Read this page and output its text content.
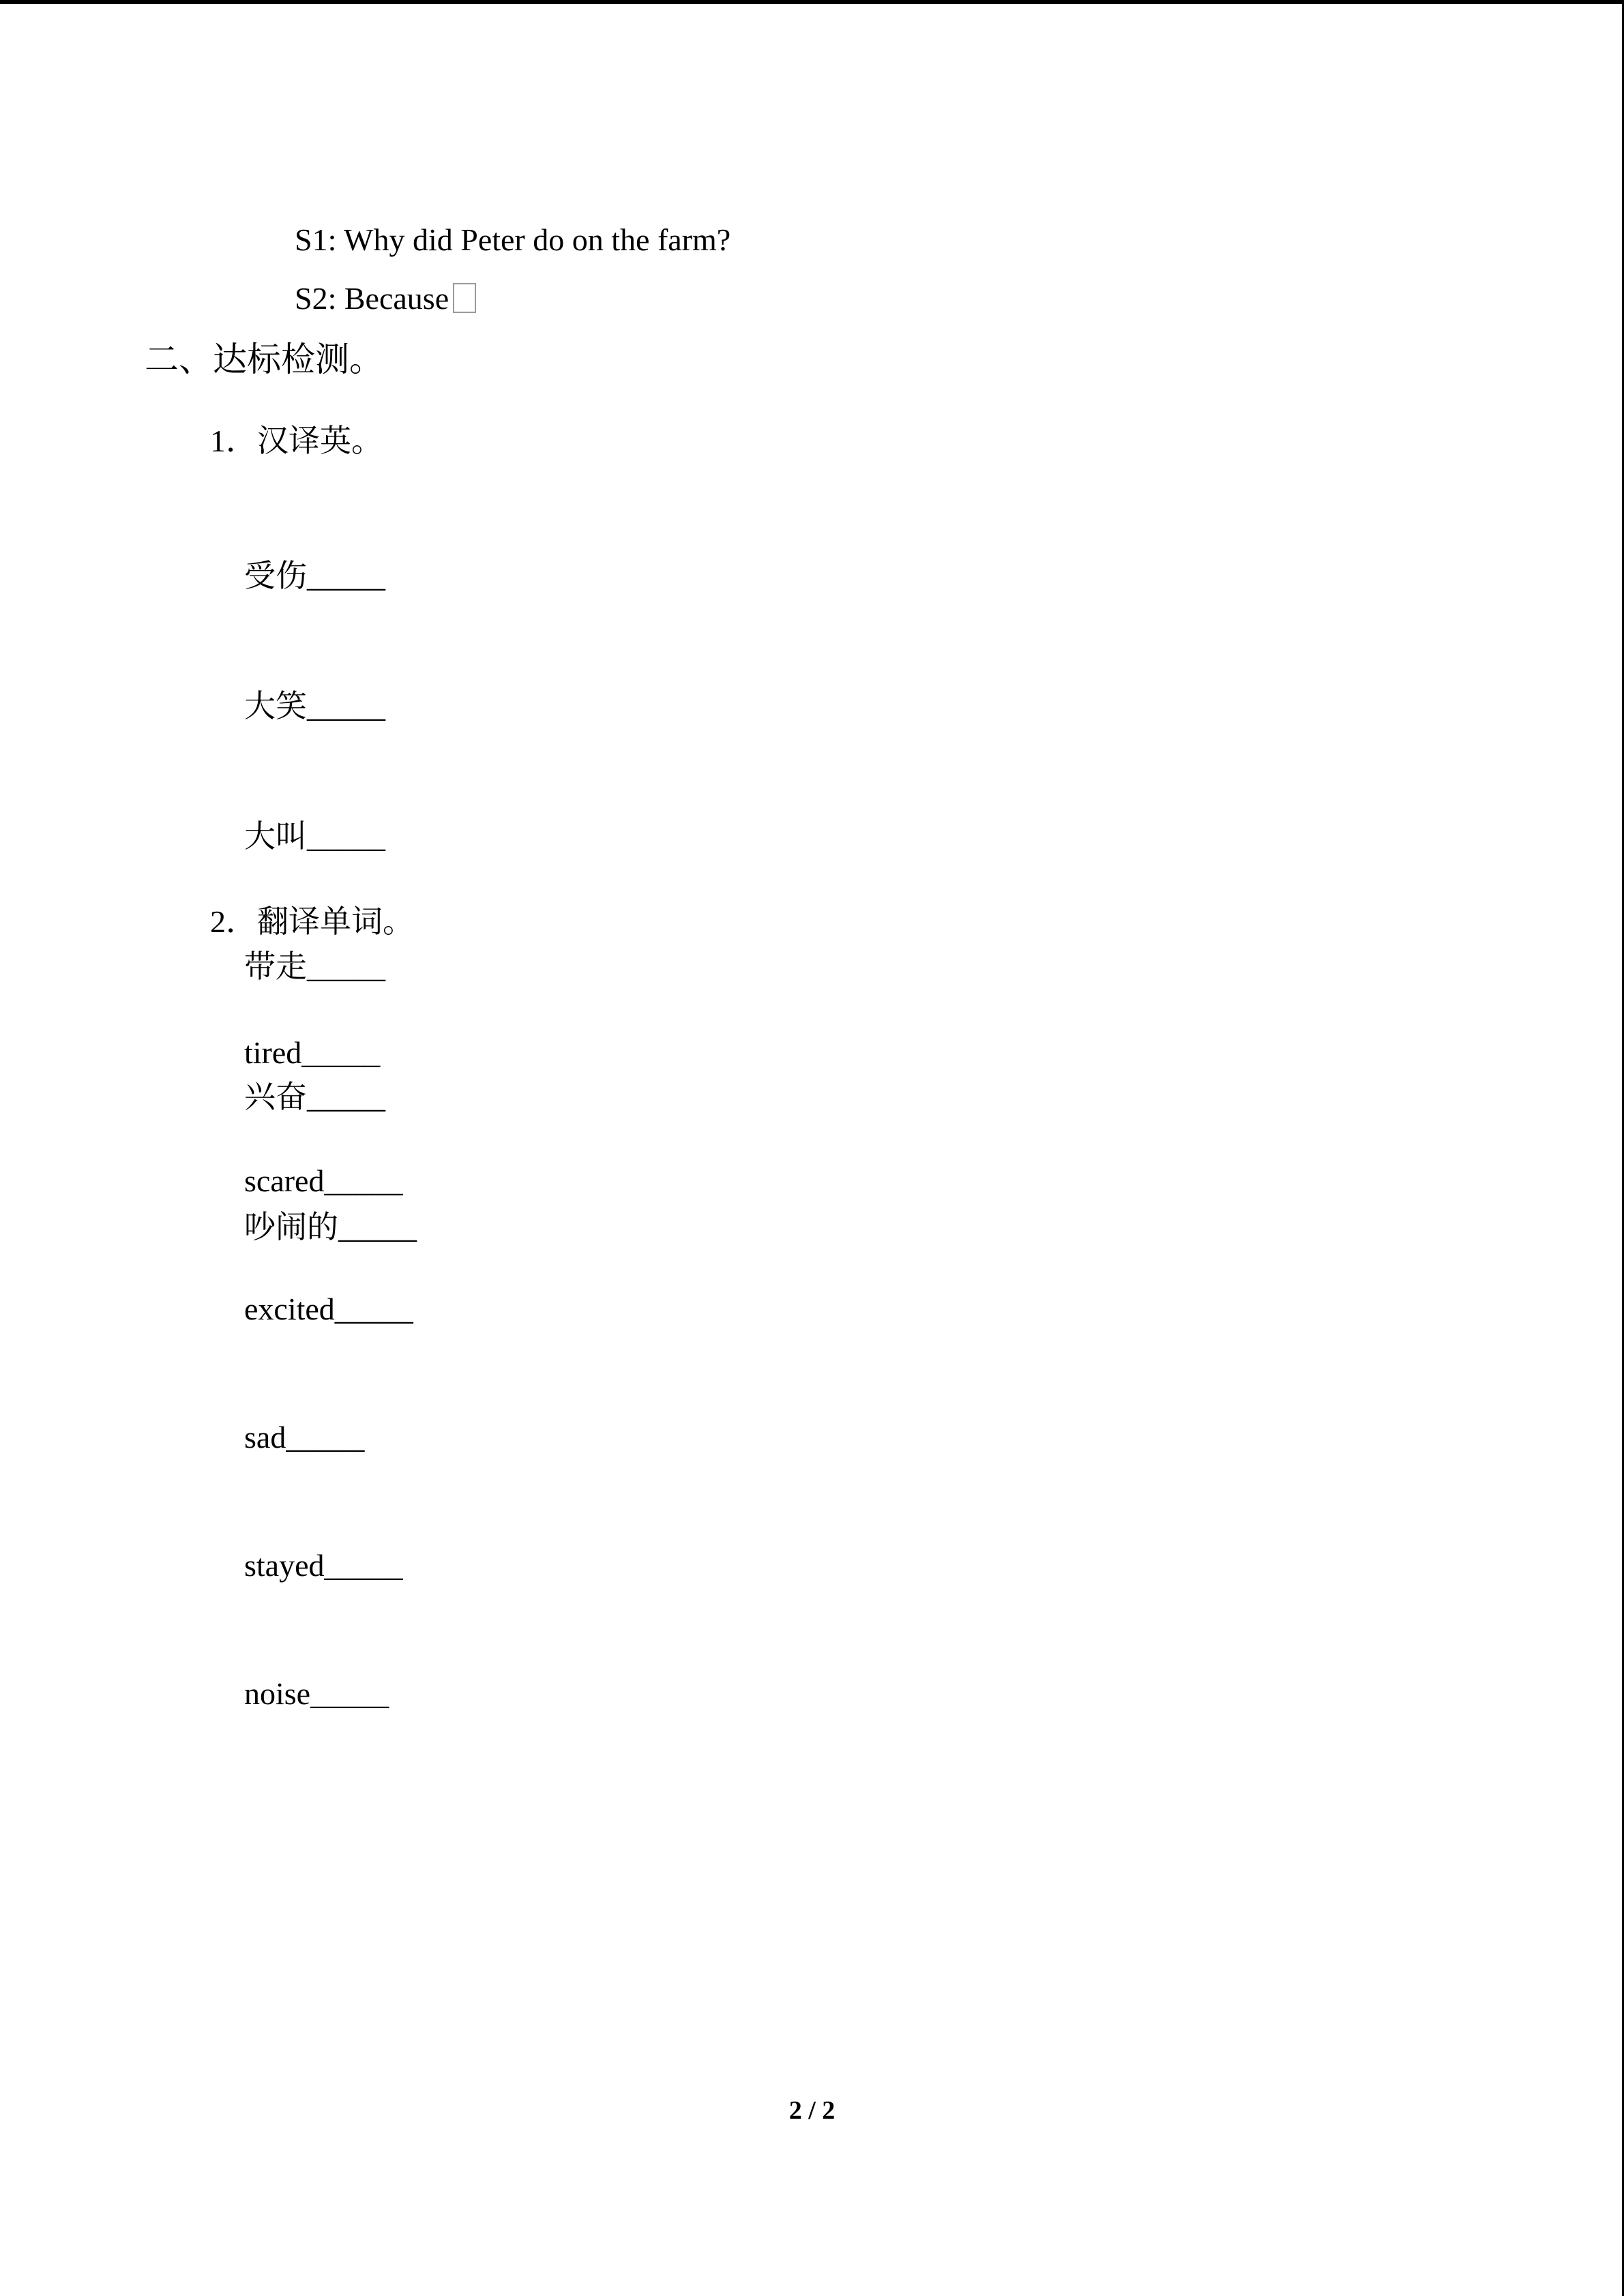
S1: Why did Peter do on the farm?
S2: Because
二、达标检测。
1．汉译英。

受伤_____

大笑_____

大叫_____

带走_____

兴奋_____

吵闹的_____

2．翻译单词。

tired_____

scared_____

excited_____

sad_____

stayed_____

noise_____

2 / 2
